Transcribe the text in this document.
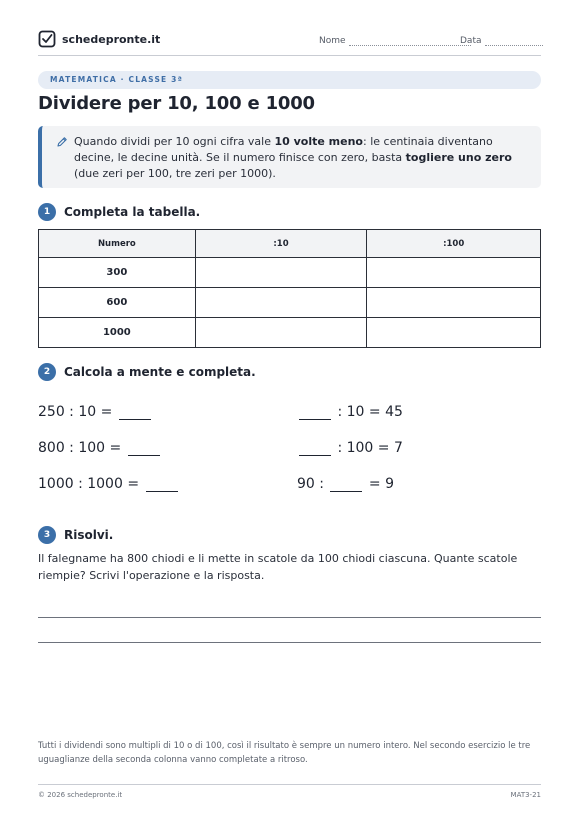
schedepronte.it	Nome	Data
MATEMATICA · CLASSE 3ª
Dividere per 10, 100 e 1000
Quando dividi per 10 ogni cifra vale 10 volte meno: le centinaia diventano decine, le decine unità. Se il numero finisce con zero, basta togliere uno zero (due zeri per 100, tre zeri per 1000).
1	Completa la tabella.
Numero	:10	:100
300		
600		
1000		
2	Calcola a mente e completa.
250 : 10 =
800 : 100 =
1000 : 1000 =
: 10 = 45
: 100 = 7
90 :	= 9
3	Risolvi.
Il falegname ha 800 chiodi e li mette in scatole da 100 chiodi ciascuna. Quante scatole riempie? Scrivi l'operazione e la risposta.
Tutti i dividendi sono multipli di 10 o di 100, così il risultato è sempre un numero intero. Nel secondo esercizio le tre uguaglianze della seconda colonna vanno completate a ritroso.
© 2026 schedepronte.it	MAT3-21
